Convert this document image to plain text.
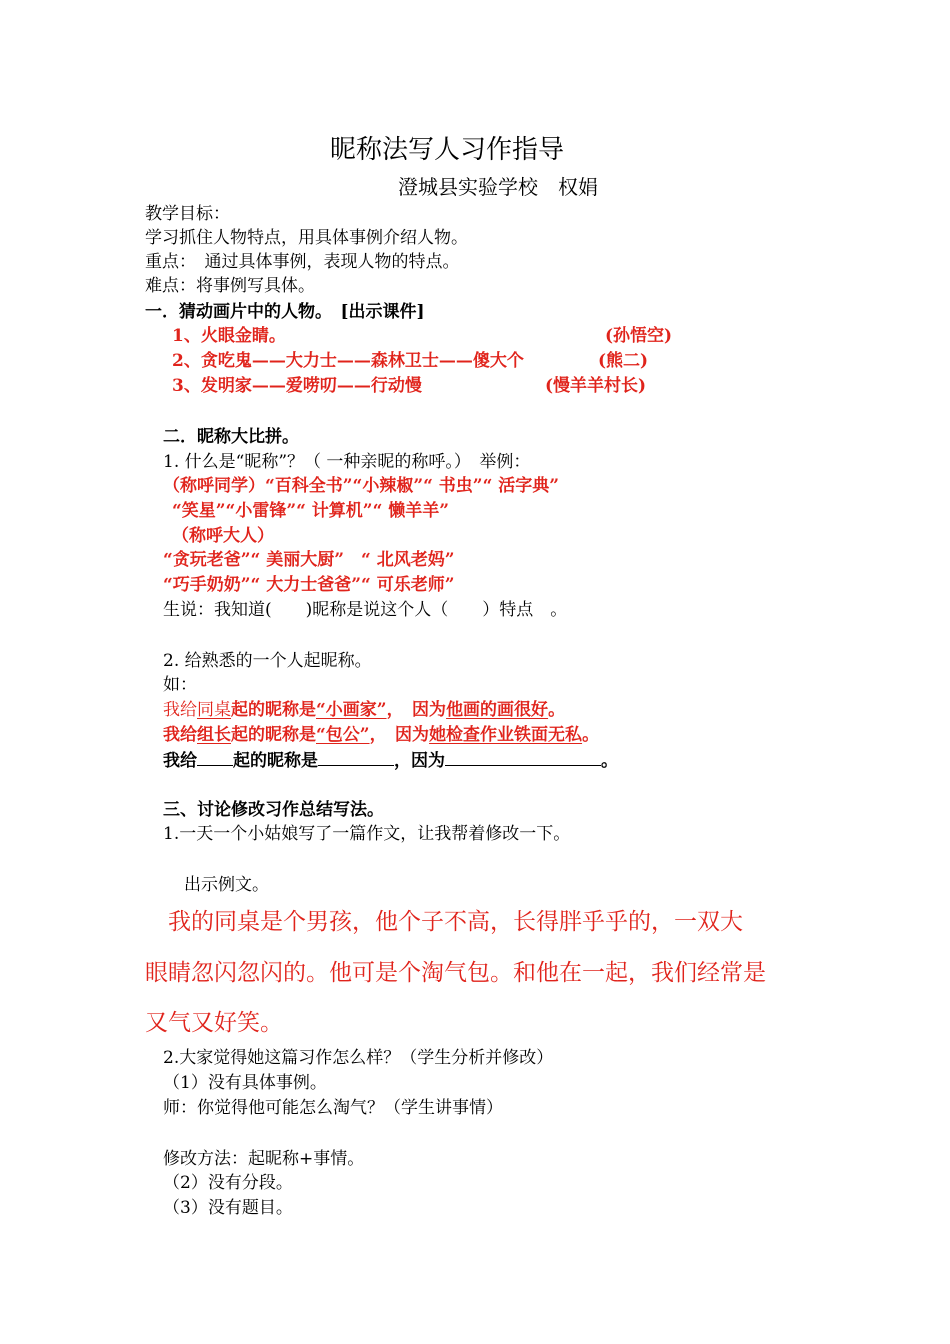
昵称法写人习作指导
澄城县实验学校　权娟
教学目标：
学习抓住人物特点，用具体事例介绍人物。
重点：　通过具体事例，表现人物的特点。
难点：将事例写具体。
一．猜动画片中的人物。　[出示课件]
1、火眼金睛。	(孙悟空)
2、贪吃鬼——大力士——森林卫士——傻大个	(熊二)
3、发明家——爱唠叨——行动慢	(慢羊羊村长)
二．昵称大比拼。
1. 什么是“昵称”？（ 一种亲昵的称呼。）　举例：
（称呼同学）“百科全书”“小辣椒”“ 书虫”“ 活字典”
“笑星”“小雷锋”“ 计算机”“ 懒羊羊”
（称呼大人）
“贪玩老爸”“ 美丽大厨”　“ 北风老妈”
“巧手奶奶”“ 大力士爸爸”“ 可乐老师”
生说：我知道(　　)昵称是说这个人（　　）特点　。
2. 给熟悉的一个人起昵称。
如：
我给同桌起的昵称是“小画家”，　因为他画的画很好。
我给组长起的昵称是“包公”，　因为她检查作业铁面无私。
我给 起的昵称是	，因为	。
三、讨论修改习作总结写法。
1.一天一个小姑娘写了一篇作文，让我帮着修改一下。
出示例文。
　我的同桌是个男孩，他个子不高，长得胖乎乎的，一双大
眼睛忽闪忽闪的。他可是个淘气包。和他在一起，我们经常是
又气又好笑。
2.大家觉得她这篇习作怎么样？（学生分析并修改）
（1）没有具体事例。
师：你觉得他可能怎么淘气？（学生讲事情）
修改方法：起昵称+事情。
（2）没有分段。
（3）没有题目。
